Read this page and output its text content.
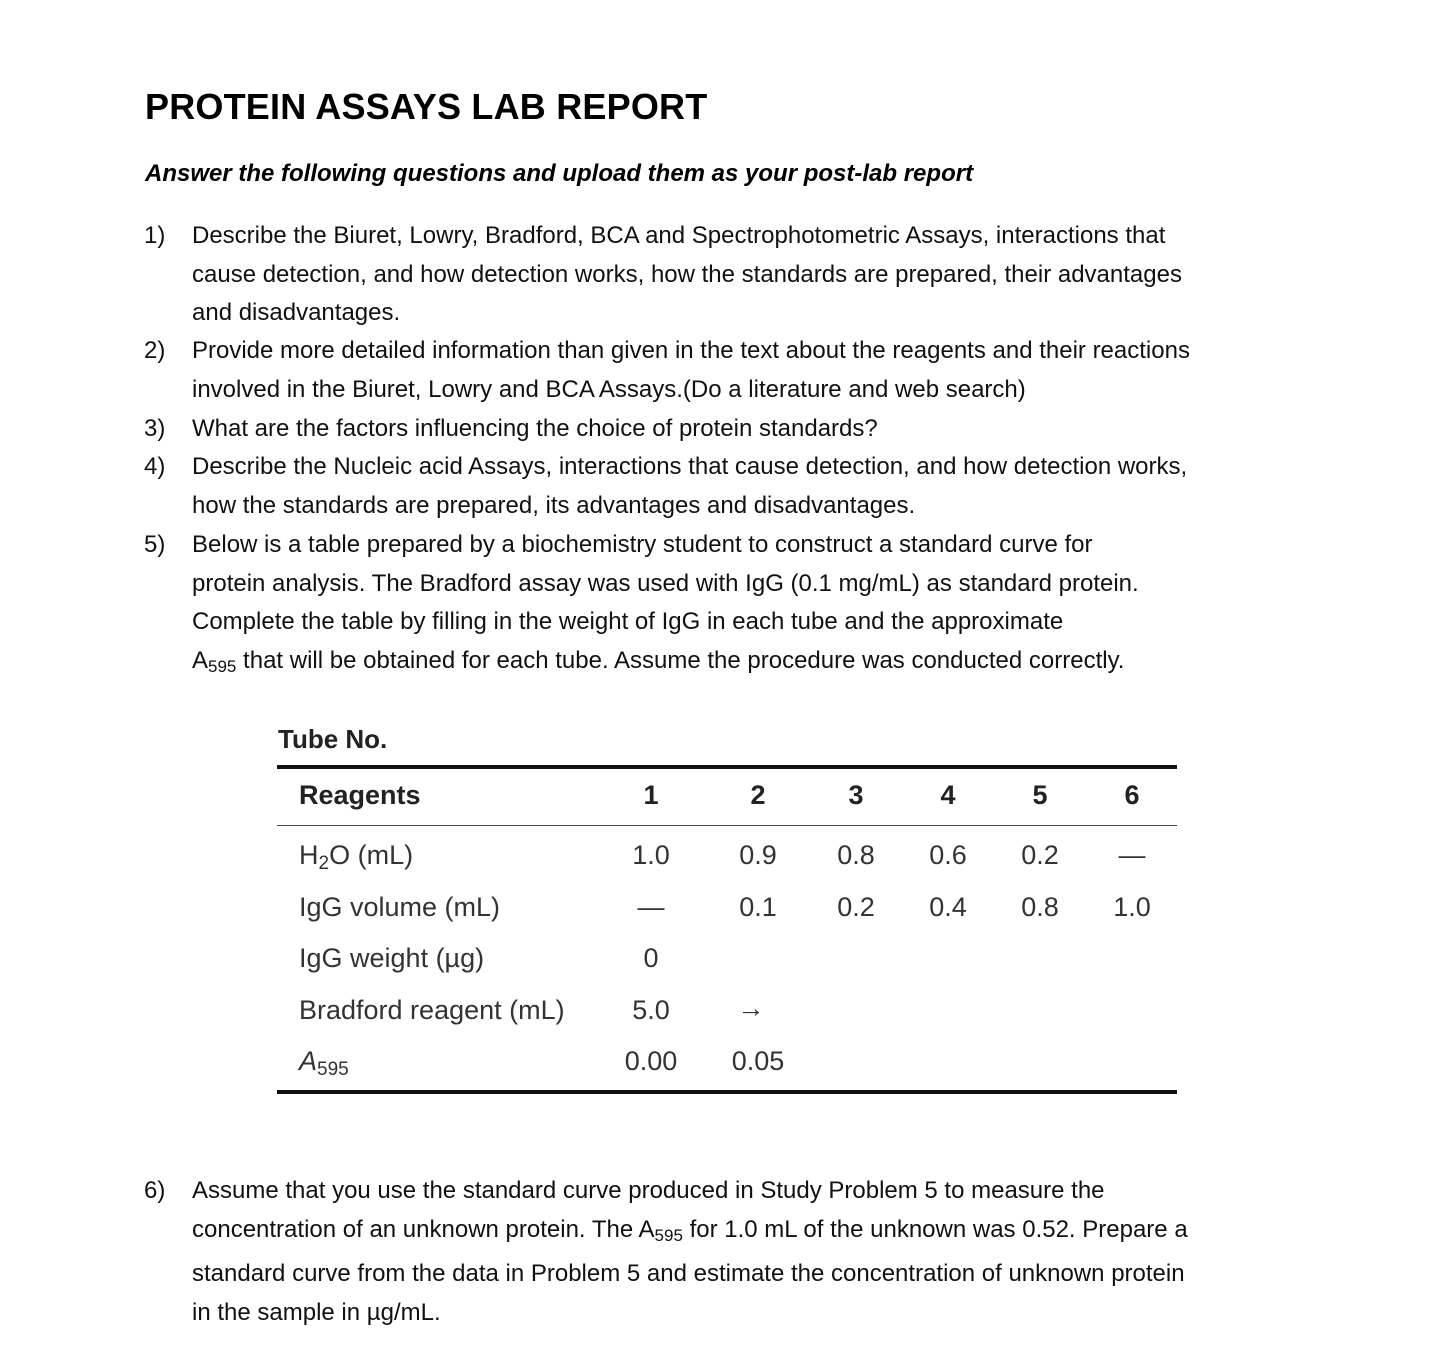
PROTEIN ASSAYS LAB REPORT
Answer the following questions and upload them as your post-lab report
1) Describe the Biuret, Lowry, Bradford, BCA and Spectrophotometric Assays, interactions that
cause detection, and how detection works, how the standards are prepared, their advantages
and disadvantages.
2) Provide more detailed information than given in the text about the reagents and their reactions
involved in the Biuret, Lowry and BCA Assays.(Do a literature and web search)
3) What are the factors influencing the choice of protein standards?
4) Describe the Nucleic acid Assays, interactions that cause detection, and how detection works,
how the standards are prepared, its advantages and disadvantages.
5) Below is a table prepared by a biochemistry student to construct a standard curve for
protein analysis. The Bradford assay was used with IgG (0.1 mg/mL) as standard protein.
Complete the table by filling in the weight of IgG in each tube and the approximate
$A_{595}$ that will be obtained for each tube. Assume the procedure was conducted correctly.
Tube No.
Reagents	1	2	3	4	5	6
H2O (mL)	1.0	0.9 0.8 0.6 0.2 —
IgG volume (mL)	—	0.1 0.2 0.4 0.8 1.0
IgG weight (µg)	0
Bradford reagent (mL)	5.0	→
A595	0.00 0.05
6) Assume that you use the standard curve produced in Study Problem 5 to measure the
concentration of an unknown protein. The $A_{595}$ for 1.0 mL of the unknown was 0.52. Prepare a
standard curve from the data in Problem 5 and estimate the concentration of unknown protein
in the sample in µg/mL.
